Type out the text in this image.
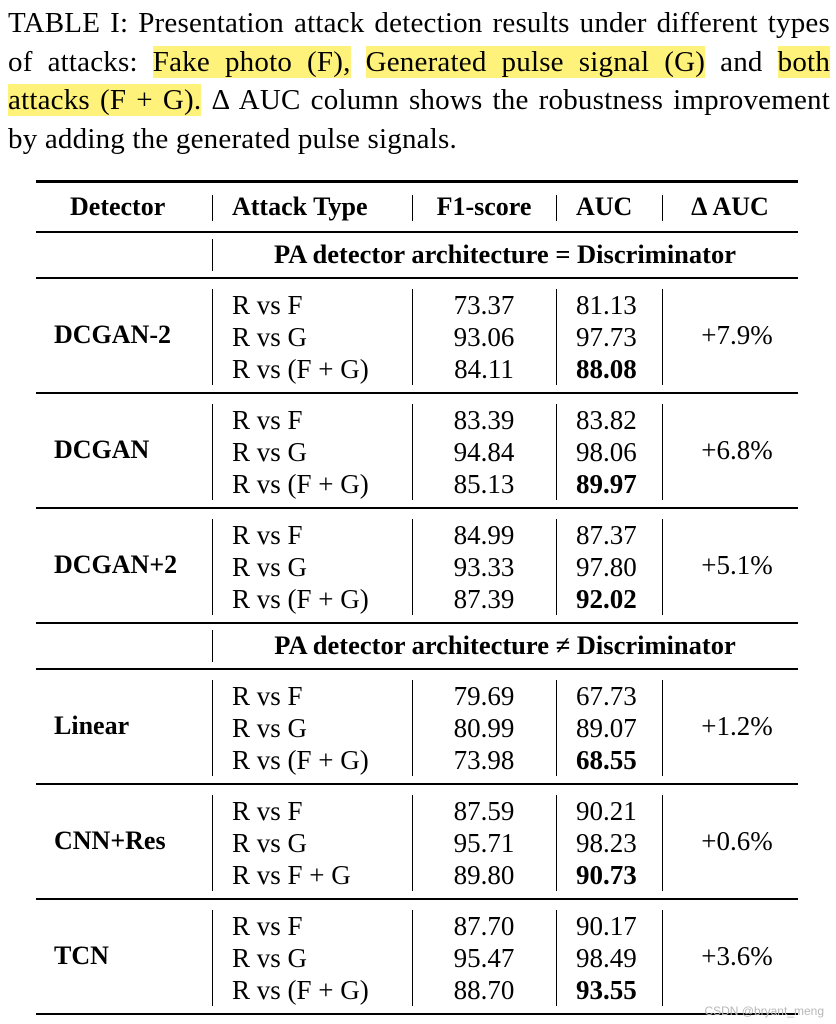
TABLE I: Presentation attack detection results under different types of attacks: Fake photo (F), Generated pulse signal (G) and both attacks (F + G). Δ AUC column shows the robustness improvement by adding the generated pulse signals.
Detector	Attack Type	F1-score	AUC	Δ AUC
PA detector architecture = Discriminator
DCGAN-2
R vs F	73.37 81.13
R vs G	93.06 97.73
R vs (F + G)	84.11 88.08
+7.9%
DCGAN
R vs F	83.39 83.82
R vs G	94.84 98.06
R vs (F + G)	85.13 89.97
+6.8%
DCGAN+2
R vs F	84.99 87.37
R vs G	93.33 97.80
R vs (F + G)	87.39 92.02
+5.1%
PA detector architecture ≠ Discriminator
Linear
R vs F	79.69 67.73
R vs G	80.99 89.07
R vs (F + G)	73.98 68.55
+1.2%
CNN+Res
R vs F	87.59 90.21
R vs G	95.71 98.23
R vs F + G	89.80 90.73
+0.6%
TCN
R vs F	87.70 90.17
R vs G	95.47 98.49
R vs (F + G)	88.70 93.55
+3.6%
CSDN @bryant_meng
